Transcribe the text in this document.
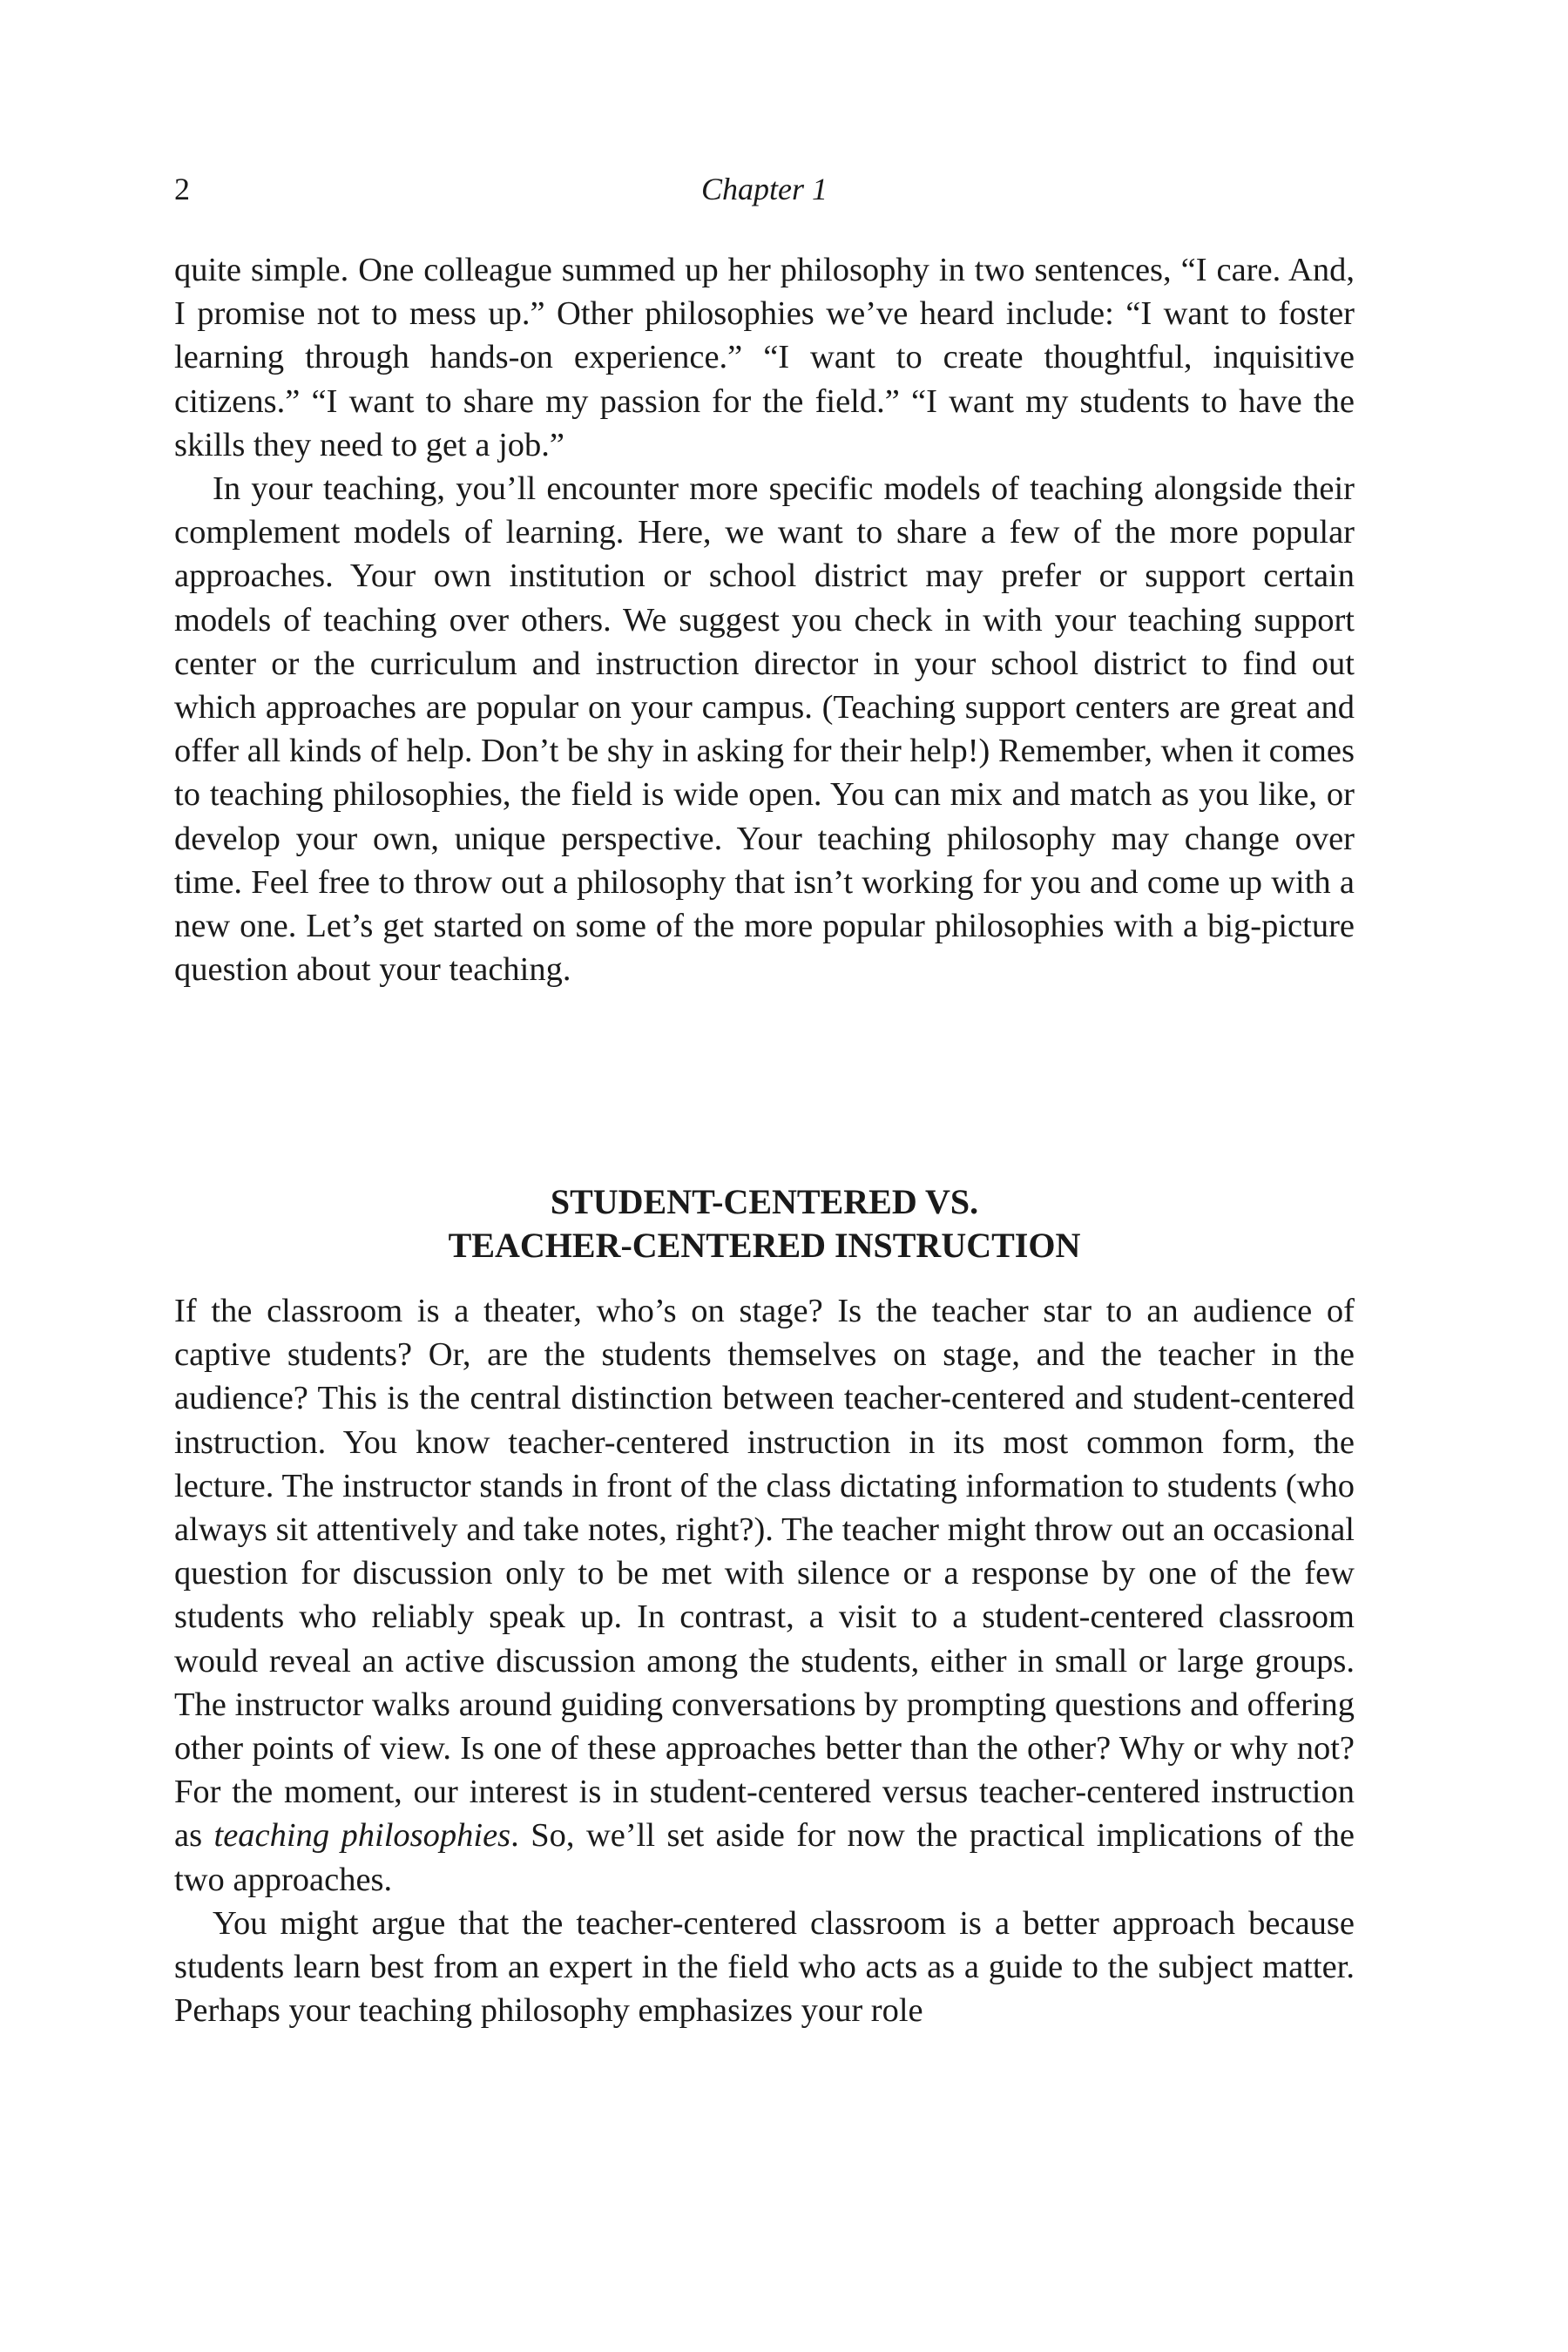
2	Chapter 1

quite simple. One colleague summed up her philosophy in two sentences, “I care. And, I promise not to mess up.” Other philosophies we’ve heard include: “I want to foster learning through hands-on experience.” “I want to create thoughtful, inquisitive citizens.” “I want to share my passion for the field.” “I want my students to have the skills they need to get a job.”

In your teaching, you’ll encounter more specific models of teaching alongside their complement models of learning. Here, we want to share a few of the more popular approaches. Your own institution or school district may prefer or support certain models of teaching over others. We suggest you check in with your teaching support center or the curriculum and instruction director in your school district to find out which approaches are popular on your campus. (Teaching support centers are great and offer all kinds of help. Don’t be shy in asking for their help!) Remember, when it comes to teaching philosophies, the field is wide open. You can mix and match as you like, or develop your own, unique perspective. Your teaching philosophy may change over time. Feel free to throw out a philosophy that isn’t working for you and come up with a new one. Let’s get started on some of the more popular philosophies with a big-picture question about your teaching.

STUDENT-CENTERED VS.
TEACHER-CENTERED INSTRUCTION

If the classroom is a theater, who’s on stage? Is the teacher star to an audience of captive students? Or, are the students themselves on stage, and the teacher in the audience? This is the central distinction between teacher-centered and student-centered instruction. You know teacher-centered instruction in its most common form, the lecture. The instructor stands in front of the class dictating information to students (who always sit attentively and take notes, right?). The teacher might throw out an occasional question for discussion only to be met with silence or a response by one of the few students who reliably speak up. In contrast, a visit to a student-centered classroom would reveal an active discussion among the students, either in small or large groups. The instructor walks around guiding conversations by prompting questions and offering other points of view. Is one of these approaches better than the other? Why or why not? For the moment, our interest is in student-centered versus teacher-centered instruction as teaching philosophies. So, we’ll set aside for now the practical implications of the two approaches.

You might argue that the teacher-centered classroom is a better approach because students learn best from an expert in the field who acts as a guide to the subject matter. Perhaps your teaching philosophy emphasizes your role
